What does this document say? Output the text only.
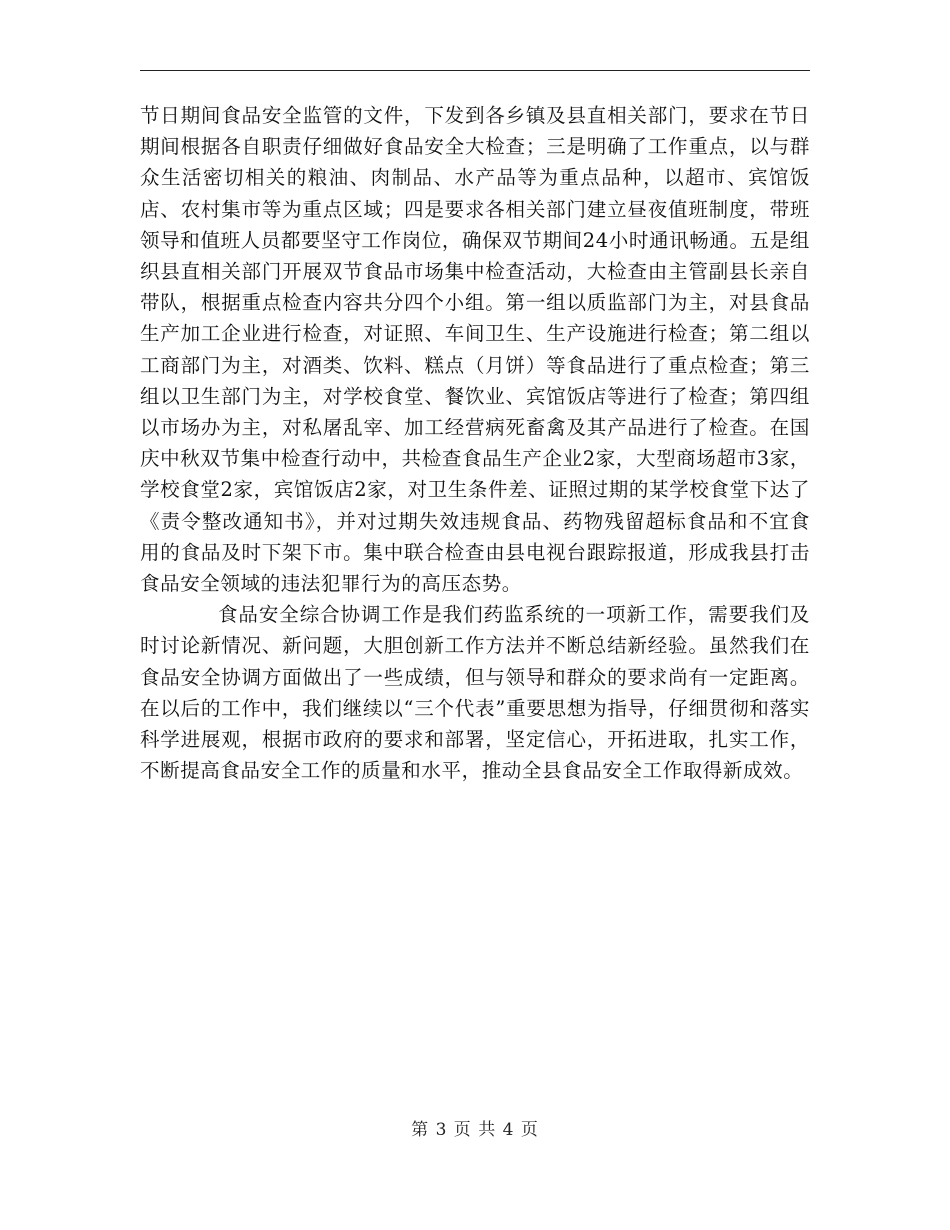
节日期间食品安全监管的文件，下发到各乡镇及县直相关部门，要求在节日期间根据各自职责仔细做好食品安全大检查；三是明确了工作重点，以与群众生活密切相关的粮油、肉制品、水产品等为重点品种，以超市、宾馆饭店、农村集市等为重点区域；四是要求各相关部门建立昼夜值班制度，带班领导和值班人员都要坚守工作岗位，确保双节期间24小时通讯畅通。五是组织县直相关部门开展双节食品市场集中检查活动，大检查由主管副县长亲自带队，根据重点检查内容共分四个小组。第一组以质监部门为主，对县食品生产加工企业进行检查，对证照、车间卫生、生产设施进行检查；第二组以工商部门为主，对酒类、饮料、糕点（月饼）等食品进行了重点检查；第三组以卫生部门为主，对学校食堂、餐饮业、宾馆饭店等进行了检查；第四组以市场办为主，对私屠乱宰、加工经营病死畜禽及其产品进行了检查。在国庆中秋双节集中检查行动中，共检查食品生产企业2家，大型商场超市3家，学校食堂2家，宾馆饭店2家，对卫生条件差、证照过期的某学校食堂下达了《责令整改通知书》，并对过期失效违规食品、药物残留超标食品和不宜食用的食品及时下架下市。集中联合检查由县电视台跟踪报道，形成我县打击食品安全领域的违法犯罪行为的高压态势。

食品安全综合协调工作是我们药监系统的一项新工作，需要我们及时讨论新情况、新问题，大胆创新工作方法并不断总结新经验。虽然我们在食品安全协调方面做出了一些成绩，但与领导和群众的要求尚有一定距离。在以后的工作中，我们继续以“三个代表”重要思想为指导，仔细贯彻和落实科学进展观，根据市政府的要求和部署，坚定信心，开拓进取，扎实工作，不断提高食品安全工作的质量和水平，推动全县食品安全工作取得新成效。

第 3 页 共 4 页
